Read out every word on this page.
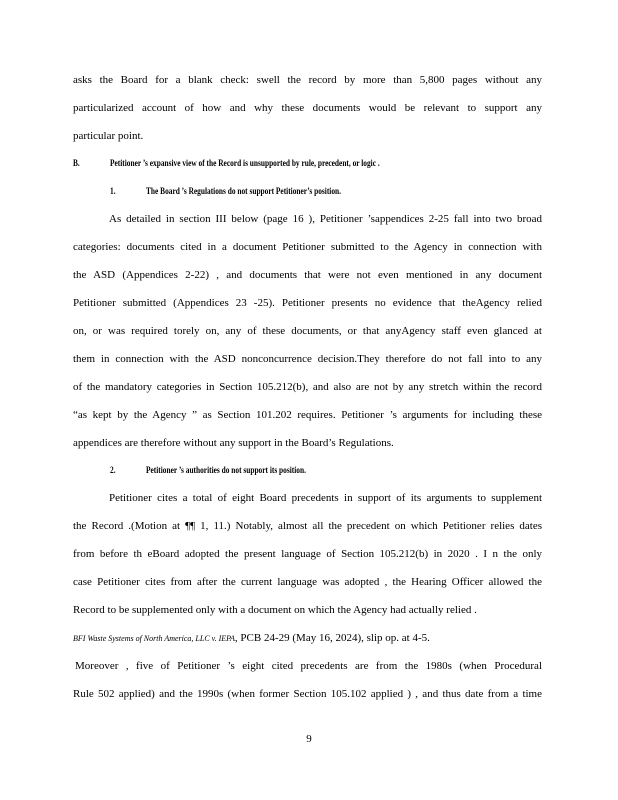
asks the Board for a blank check: swell the record by more than 5,800 pages without any
particularized account of how and why these documents would be relevant to support any
particular point.
B.	Petitioner ’s expansive view of the Record is unsupported by rule, precedent, or logic .
1.	The Board ’s Regulations do not support Petitioner’s position.
As detailed in section III below (page 16 ), Petitioner ’sappendices 2-25 fall into two broad
categories: documents cited in a document Petitioner submitted to the Agency in connection with
the ASD (Appendices 2-22) , and documents that were not even mentioned in any document
Petitioner submitted (Appendices 23 -25). Petitioner presents no evidence that theAgency relied
on, or was required torely on, any of these documents, or that anyAgency staff even glanced at
them in connection with the ASD nonconcurrence decision.They therefore do not fall into to any
of the mandatory categories in Section 105.212(b), and also are not by any stretch within the record
“as kept by the Agency ” as Section 101.202 requires. Petitioner ’s arguments for including these
appendices are therefore without any support in the Board’s Regulations.
2.	Petitioner ’s authorities do not support its position.
Petitioner cites a total of eight Board precedents in support of its arguments to supplement
the Record .(Motion at ¶¶ 1, 11.) Notably, almost all the precedent on which Petitioner relies dates
from before th eBoard adopted the present language of Section 105.212(b) in 2020 . I n the only
case Petitioner cites from after the current language was adopted , the Hearing Officer allowed the
Record to be supplemented only with a document on which the Agency had actually relied .
BFI Waste Systems of North America, LLC v. IEPA, PCB 24-29 (May 16, 2024), slip op. at 4-5.
Moreover , five of Petitioner ’s eight cited precedents are from the 1980s (when Procedural
Rule 502 applied) and the 1990s (when former Section 105.102 applied ) , and thus date from a time
9
